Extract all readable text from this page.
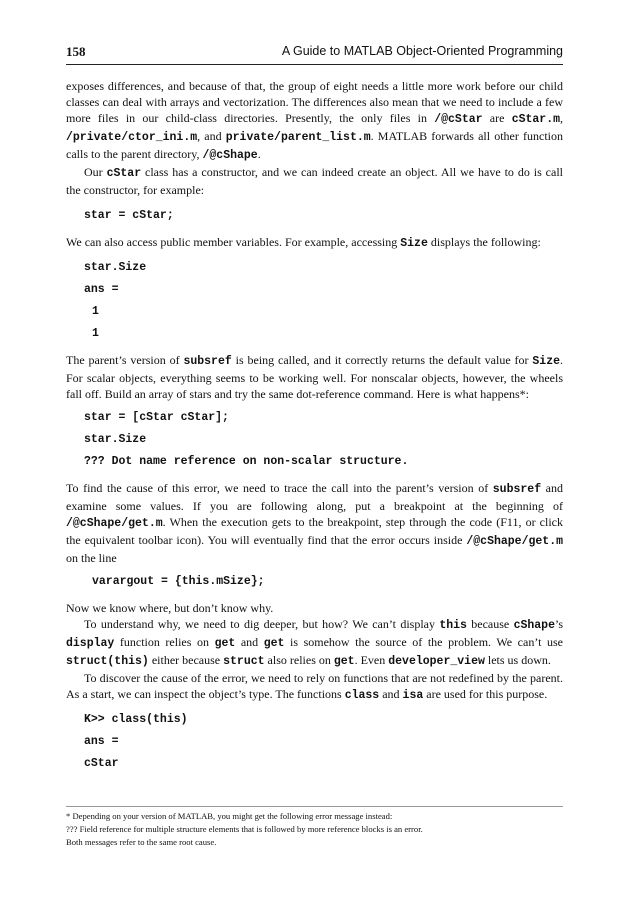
158	A Guide to MATLAB Object-Oriented Programming

exposes differences, and because of that, the group of eight needs a little more work before our child classes can deal with arrays and vectorization. The differences also mean that we need to include a few more files in our child-class directories. Presently, the only files in /@cStar are cStar.m, /private/ctor_ini.m, and private/parent_list.m. MATLAB forwards all other function calls to the parent directory, /@cShape.

Our cStar class has a constructor, and we can indeed create an object. All we have to do is call the constructor, for example:

star = cStar;

We can also access public member variables. For example, accessing Size displays the following:

star.Size
ans =
1
1

The parent’s version of subsref is being called, and it correctly returns the default value for Size. For scalar objects, everything seems to be working well. For nonscalar objects, however, the wheels fall off. Build an array of stars and try the same dot-reference command. Here is what happens*:

star = [cStar cStar];
star.Size
??? Dot name reference on non-scalar structure.

To find the cause of this error, we need to trace the call into the parent’s version of subsref and examine some values. If you are following along, put a breakpoint at the beginning of /@cShape/get.m. When the execution gets to the breakpoint, step through the code (F11, or click the equivalent toolbar icon). You will eventually find that the error occurs inside /@cShape/get.m on the line

varargout = {this.mSize};

Now we know where, but don’t know why.

To understand why, we need to dig deeper, but how? We can’t display this because cShape’s display function relies on get and get is somehow the source of the problem. We can’t use struct(this) either because struct also relies on get. Even developer_view lets us down.

To discover the cause of the error, we need to rely on functions that are not redefined by the parent. As a start, we can inspect the object’s type. The functions class and isa are used for this purpose.

K>> class(this)
ans =
cStar
* Depending on your version of MATLAB, you might get the following error message instead:
??? Field reference for multiple structure elements that is followed by more reference blocks is an error.
Both messages refer to the same root cause.
